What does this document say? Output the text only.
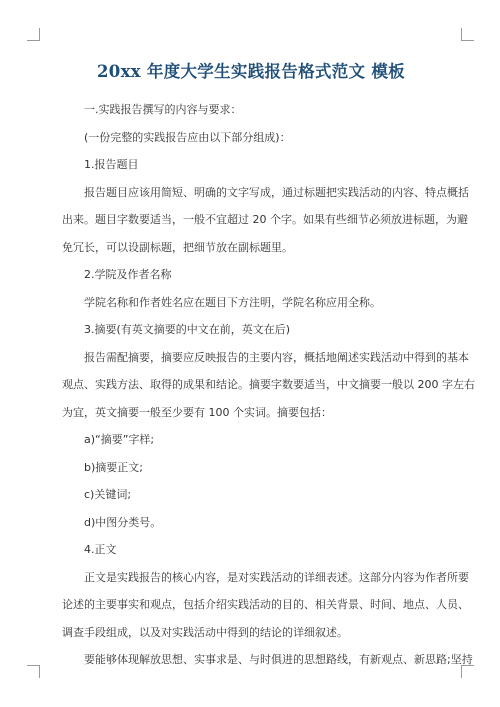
20xx 年度大学生实践报告格式范文 模板
一.实践报告撰写的内容与要求：
(一份完整的实践报告应由以下部分组成)：
1.报告题目
报告题目应该用简短、明确的文字写成，通过标题把实践活动的内容、特点概括
出来。题目字数要适当，一般不宜超过 20 个字。如果有些细节必须放进标题，为避
免冗长，可以设副标题，把细节放在副标题里。
2.学院及作者名称
学院名称和作者姓名应在题目下方注明，学院名称应用全称。
3.摘要(有英文摘要的中文在前，英文在后)
报告需配摘要，摘要应反映报告的主要内容，概括地阐述实践活动中得到的基本
观点、实践方法、取得的成果和结论。摘要字数要适当，中文摘要一般以 200 字左右
为宜，英文摘要一般至少要有 100 个实词。摘要包括：
a)“摘要”字样;
b)摘要正文;
c)关键词;
d)中图分类号。
4.正文
正文是实践报告的核心内容，是对实践活动的详细表述。这部分内容为作者所要
论述的主要事实和观点，包括介绍实践活动的目的、相关背景、时间、地点、人员、
调查手段组成，以及对实践活动中得到的结论的详细叙述。
要能够体现解放思想、实事求是、与时俱进的思想路线，有新观点、新思路;坚持
